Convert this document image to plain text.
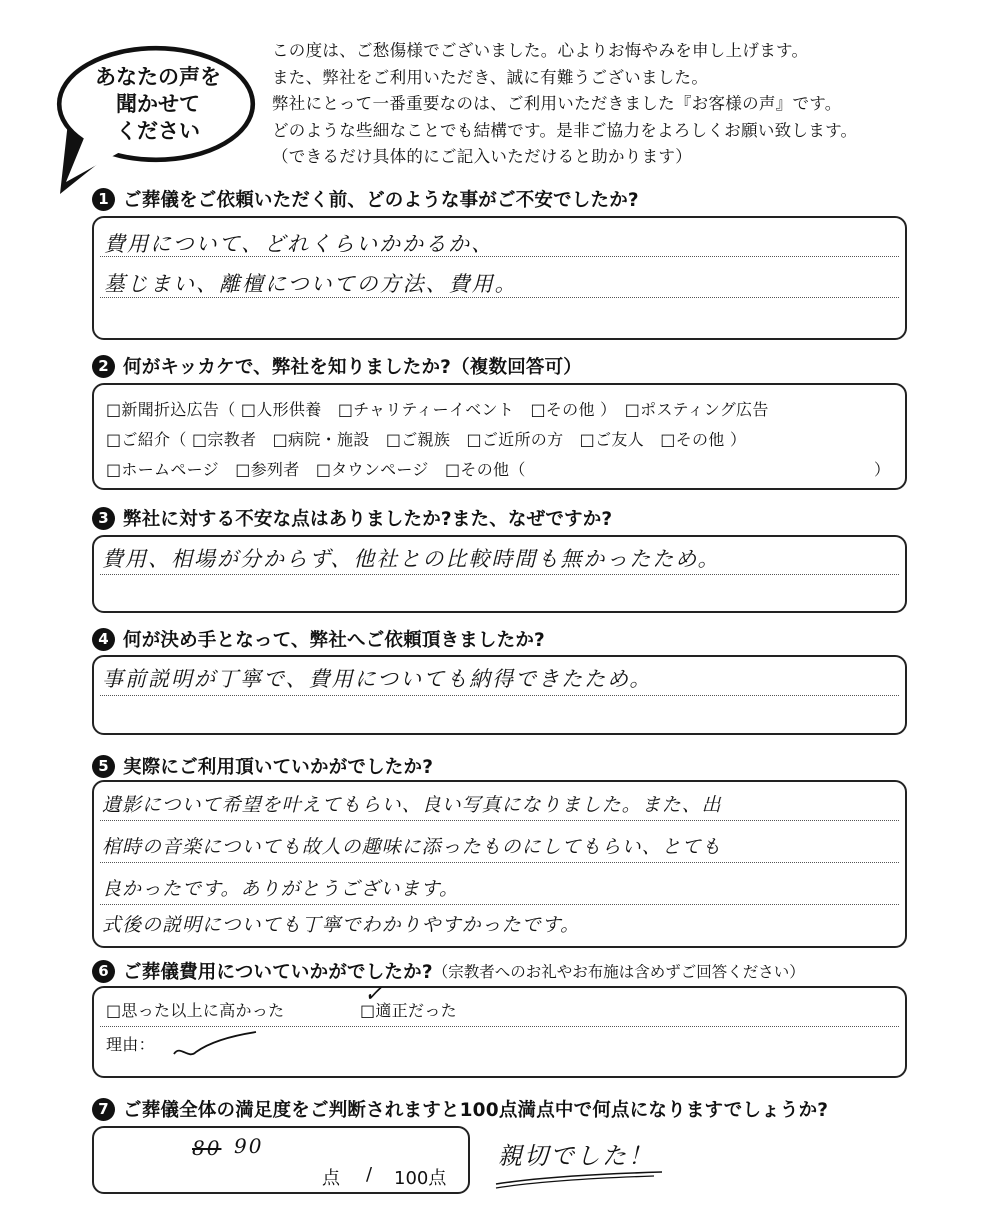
あなたの声を
聞かせて
ください
この度は、ご愁傷様でございました。心よりお悔やみを申し上げます。
また、弊社をご利用いただき、誠に有難うございました。
弊社にとって一番重要なのは、ご利用いただきました『お客様の声』です。
どのような些細なことでも結構です。是非ご協力をよろしくお願い致します。
（できるだけ具体的にご記入いただけると助かります）
1 ご葬儀をご依頼いただく前、どのような事がご不安でしたか?
費用について、どれくらいかかるか、
墓じまい、離檀についての方法、費用。
2 何がキッカケで、弊社を知りましたか?（複数回答可）
□新聞折込広告（ □人形供養　□チャリティーイベント　□その他 ）　□ポスティング広告
□ご紹介（ □宗教者　□病院・施設　□ご親族　□ご近所の方　□ご友人　□その他 ）
□ホームページ　□参列者　□タウンページ　□その他（	）
3 弊社に対する不安な点はありましたか?また、なぜですか?
費用、相場が分からず、他社との比較時間も無かったため。
4 何が決め手となって、弊社へご依頼頂きましたか?
事前説明が丁寧で、費用についても納得できたため。
5 実際にご利用頂いていかがでしたか?
遺影について希望を叶えてもらい、良い写真になりました。また、出
棺時の音楽についても故人の趣味に添ったものにしてもらい、とても
良かったです。ありがとうございます。
式後の説明についても丁寧でわかりやすかったです。
6 ご葬儀費用についていかがでしたか? （宗教者へのお礼やお布施は含めずご回答ください）
□思った以上に高かった	□適正だった
✓
理由：
7 ご葬儀全体の満足度をご判断されますと100点満点中で何点になりますでしょうか?
80 90
点 / 100点
親切でした！
